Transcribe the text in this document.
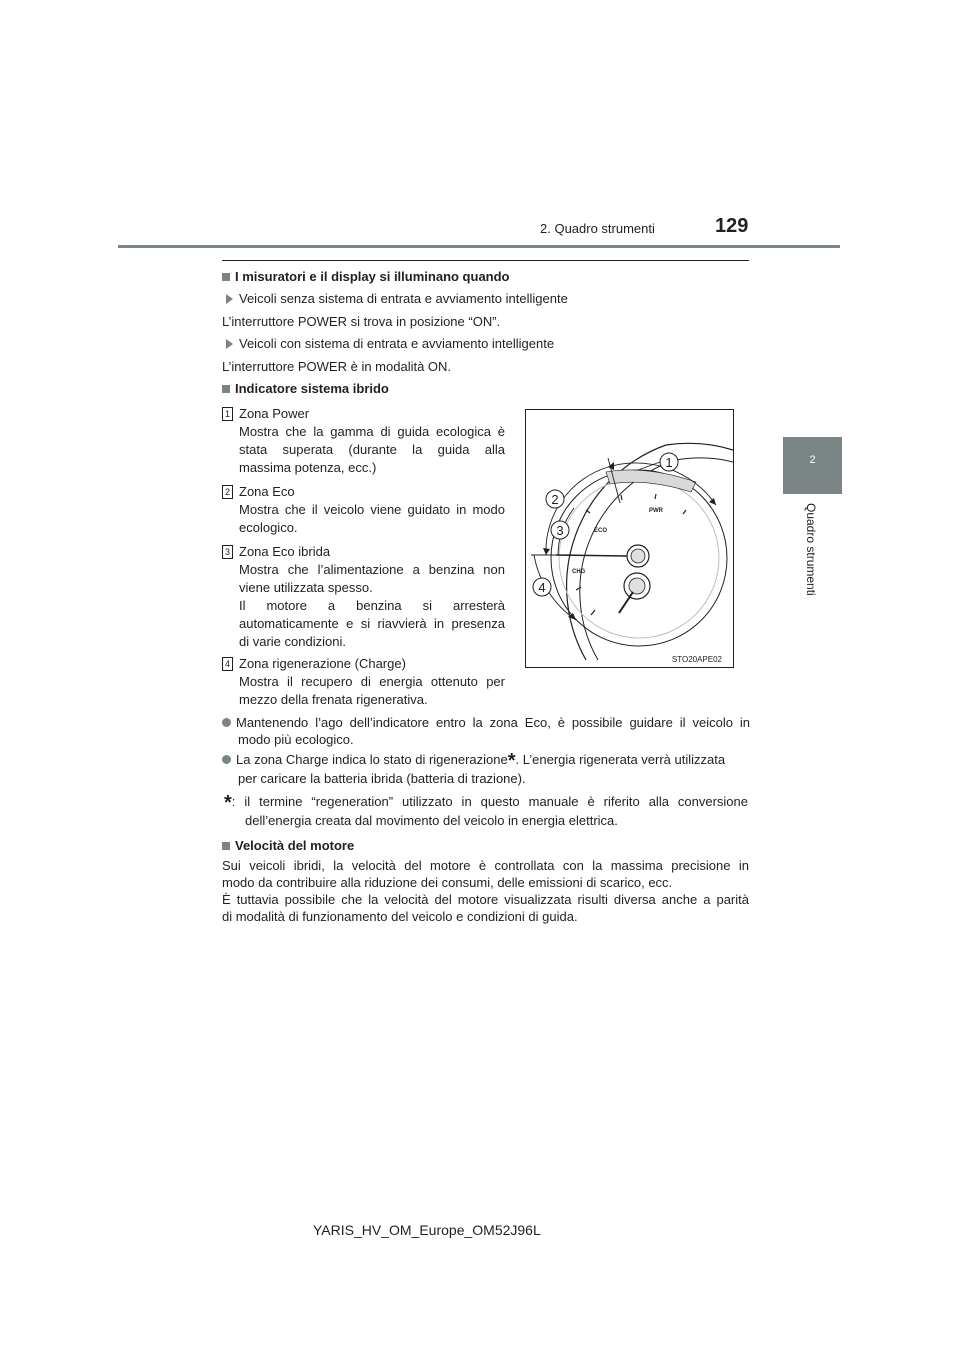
2. Quadro strumenti	129
2
Quadro strumenti
I misuratori e il display si illuminano quando
Veicoli senza sistema di entrata e avviamento intelligente
L’interruttore POWER si trova in posizione “ON”.
Veicoli con sistema di entrata e avviamento intelligente
L’interruttore POWER è in modalità ON.
Indicatore sistema ibrido
1 Zona Power
Mostra che la gamma di guida ecologica è
stata superata (durante la guida alla
massima potenza, ecc.)
2 Zona Eco
Mostra che il veicolo viene guidato in modo
ecologico.
3 Zona Eco ibrida
Mostra che l’alimentazione a benzina non
viene utilizzata spesso.
Il motore a benzina si arresterà
automaticamente e si riavvierà in presenza
di varie condizioni.
4 Zona rigenerazione (Charge)
Mostra il recupero di energia ottenuto per
mezzo della frenata rigenerativa.
PWR
ECO
CHG
1
2
3
4
STO20APE02
Mantenendo l’ago dell’indicatore entro la zona Eco, è possibile guidare il veicolo in
modo più ecologico.
La zona Charge indica lo stato di rigenerazione*. L’energia rigenerata verrà utilizzata
per caricare la batteria ibrida (batteria di trazione).
*: il termine “regeneration” utilizzato in questo manuale è riferito alla conversione
dell’energia creata dal movimento del veicolo in energia elettrica.
Velocità del motore
Sui veicoli ibridi, la velocità del motore è controllata con la massima precisione in
modo da contribuire alla riduzione dei consumi, delle emissioni di scarico, ecc.
È tuttavia possibile che la velocità del motore visualizzata risulti diversa anche a parità
di modalità di funzionamento del veicolo e condizioni di guida.
YARIS_HV_OM_Europe_OM52J96L
